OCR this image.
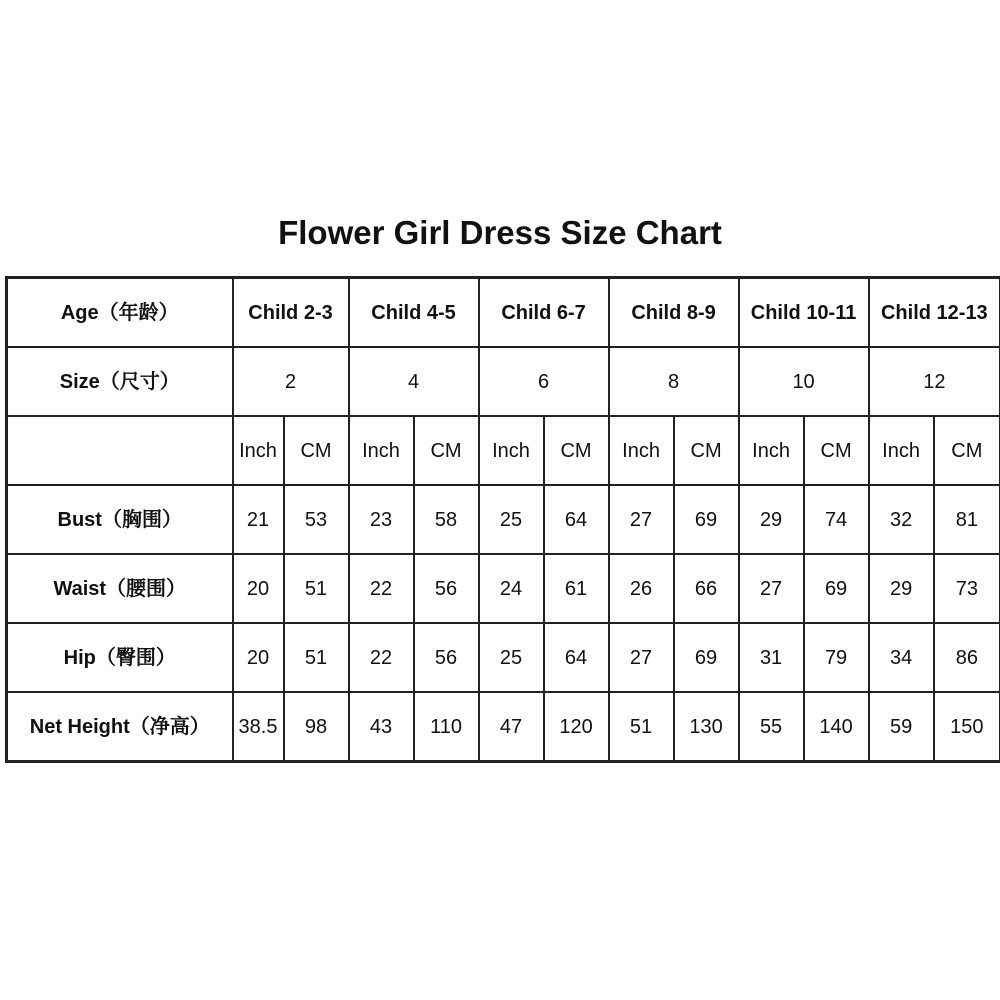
Flower Girl Dress Size Chart
Age（年龄）	Child 2-3		Child 4-5		Child 6-7		Child 8-9		Child 10-11		Child 12-13	
Size（尺寸）	2		4		6		8		10		12	
	Inch	CM	Inch	CM	Inch	CM	Inch	CM	Inch	CM	Inch	CM
Bust（胸围）	21	53	23	58	25	64	27	69	29	74	32	81
Waist（腰围）	20	51	22	56	24	61	26	66	27	69	29	73
Hip（臀围）	20	51	22	56	25	64	27	69	31	79	34	86
Net Height（净高）	38.5	98	43	110	47	120	51	130	55	140	59	150
